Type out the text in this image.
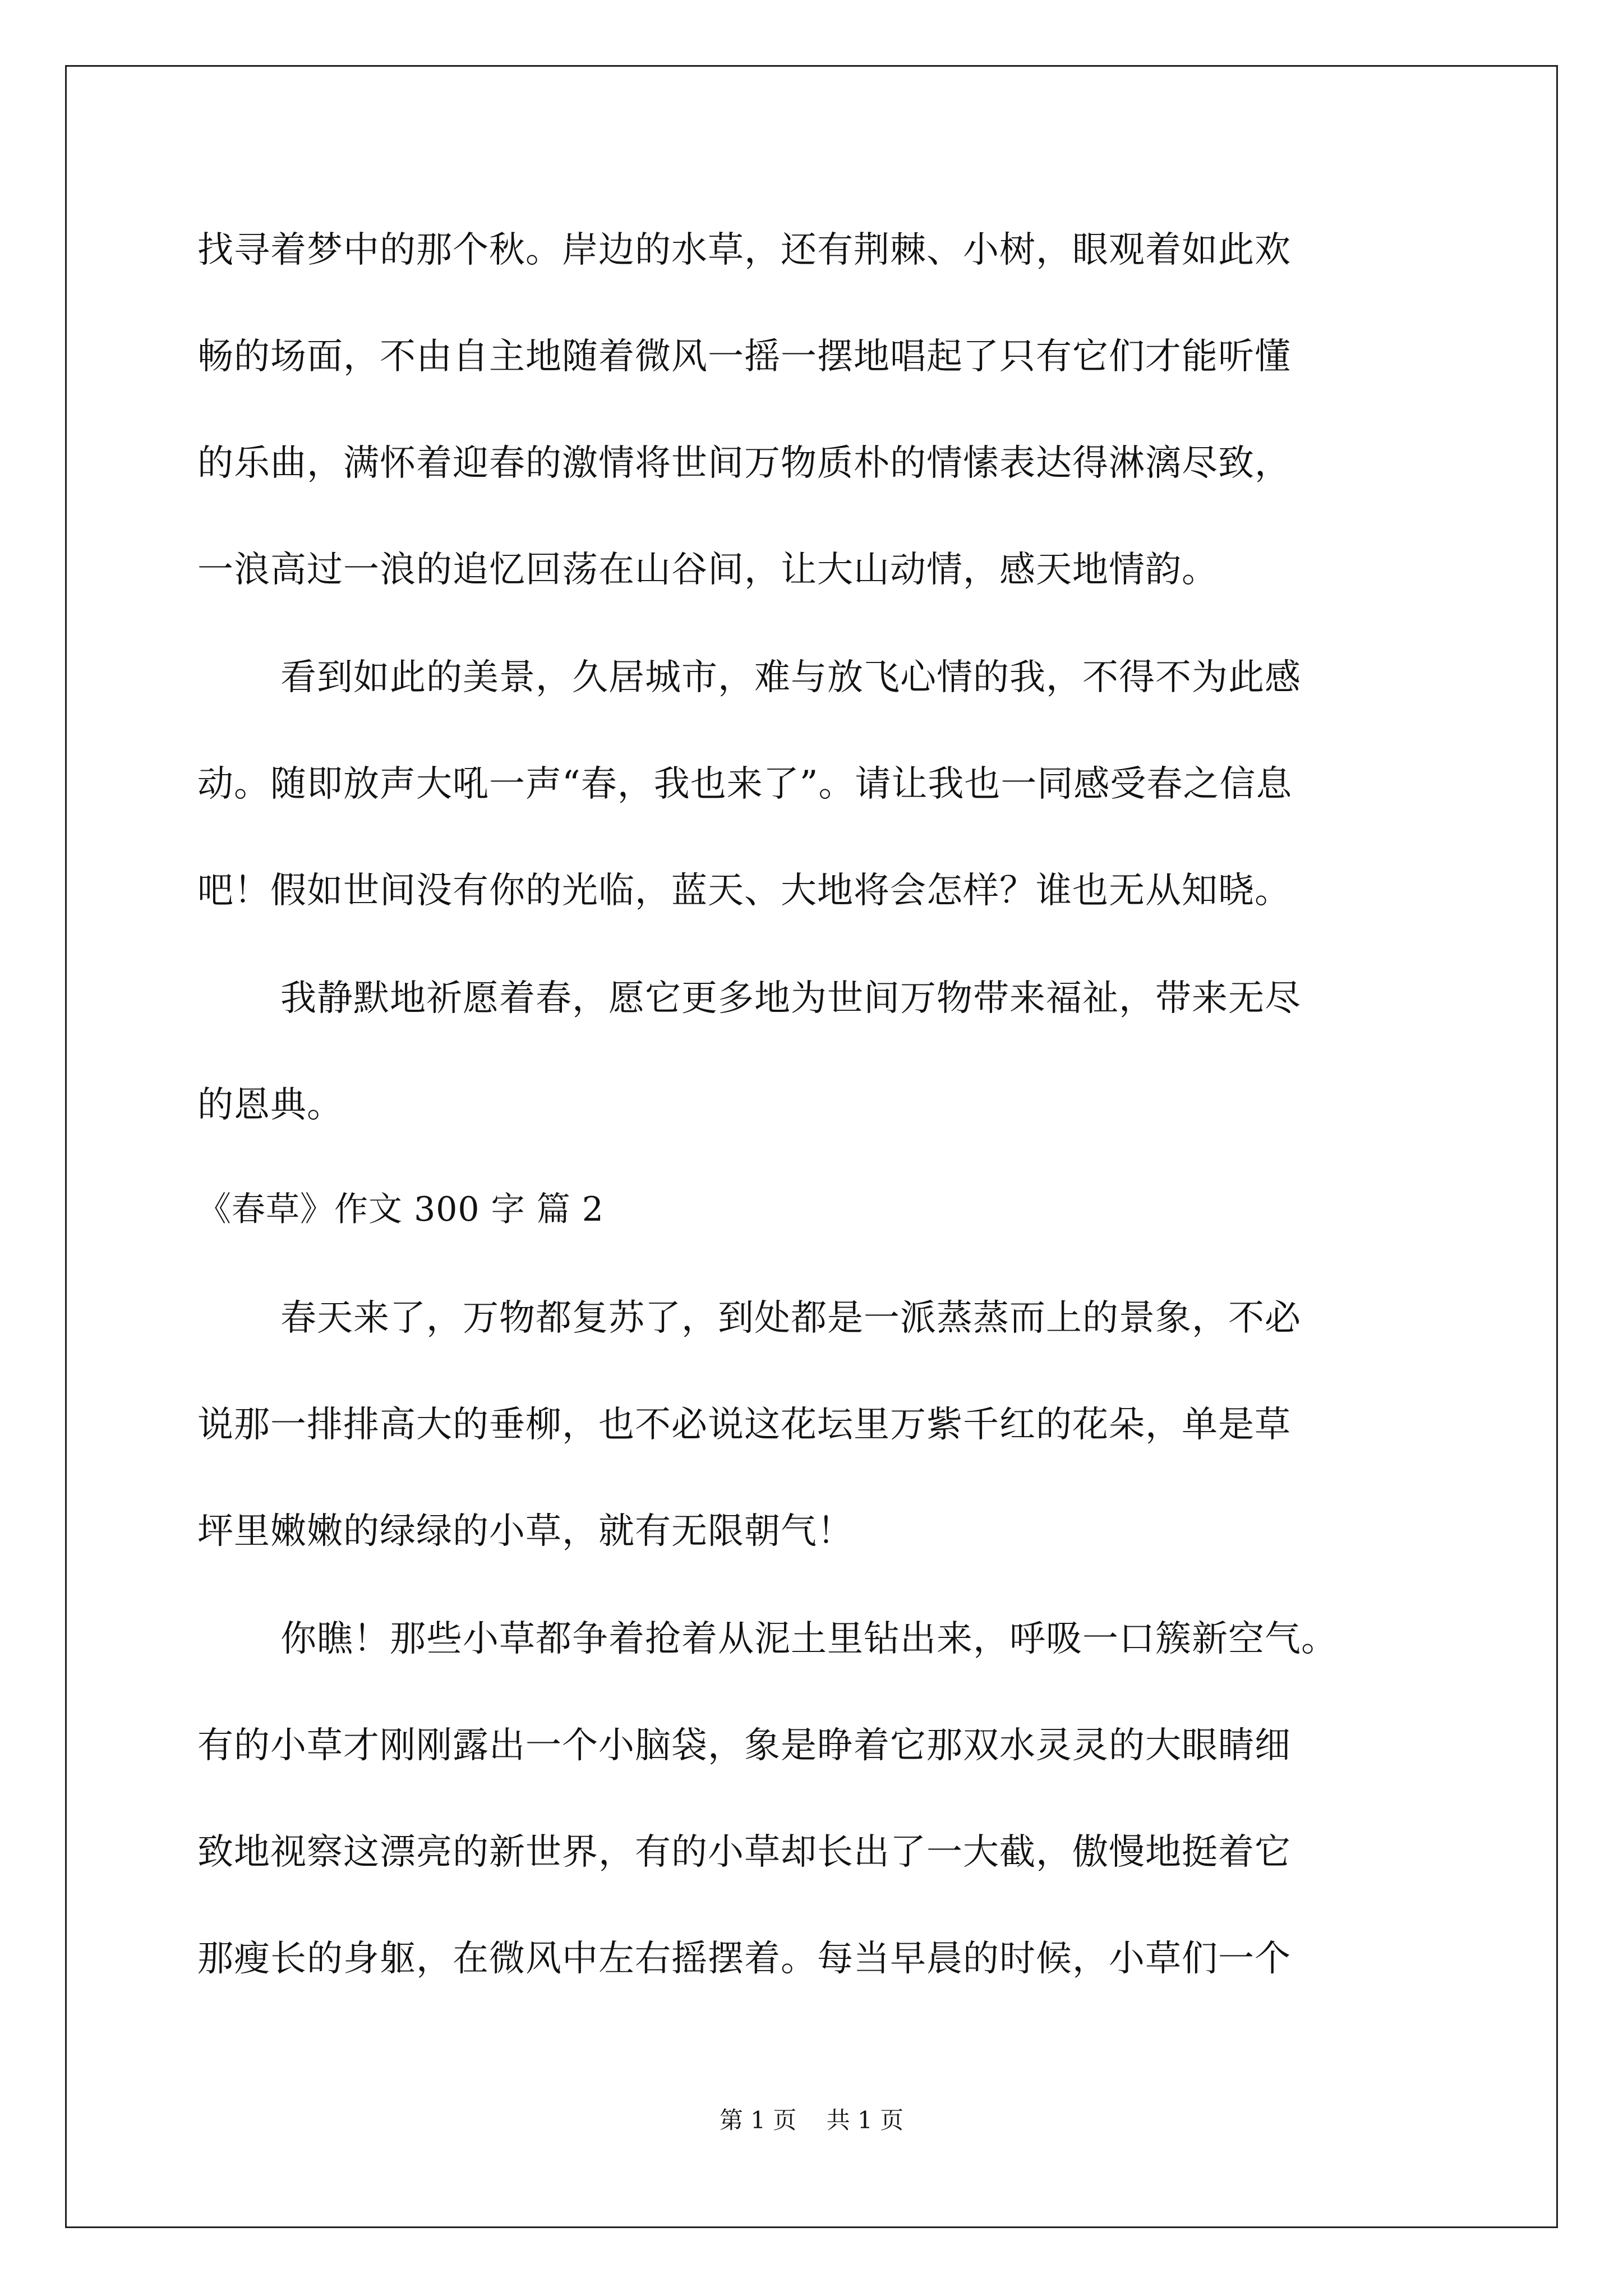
找寻着梦中的那个秋。岸边的水草，还有荆棘、小树，眼观着如此欢
畅的场面，不由自主地随着微风一摇一摆地唱起了只有它们才能听懂
的乐曲，满怀着迎春的激情将世间万物质朴的情愫表达得淋漓尽致，
一浪高过一浪的追忆回荡在山谷间，让大山动情，感天地情韵。
看到如此的美景，久居城市，难与放飞心情的我，不得不为此感
动。随即放声大吼一声“春，我也来了”。请让我也一同感受春之信息
吧！假如世间没有你的光临，蓝天、大地将会怎样？谁也无从知晓。
我静默地祈愿着春，愿它更多地为世间万物带来福祉，带来无尽
的恩典。
《春草》作文 300 字 篇 2
春天来了，万物都复苏了，到处都是一派蒸蒸而上的景象，不必
说那一排排高大的垂柳，也不必说这花坛里万紫千红的花朵，单是草
坪里嫩嫩的绿绿的小草，就有无限朝气！
你瞧！那些小草都争着抢着从泥土里钻出来，呼吸一口簇新空气。
有的小草才刚刚露出一个小脑袋，象是睁着它那双水灵灵的大眼睛细
致地视察这漂亮的新世界，有的小草却长出了一大截，傲慢地挺着它
那瘦长的身躯，在微风中左右摇摆着。每当早晨的时候，小草们一个
第 1 页    共 1 页
